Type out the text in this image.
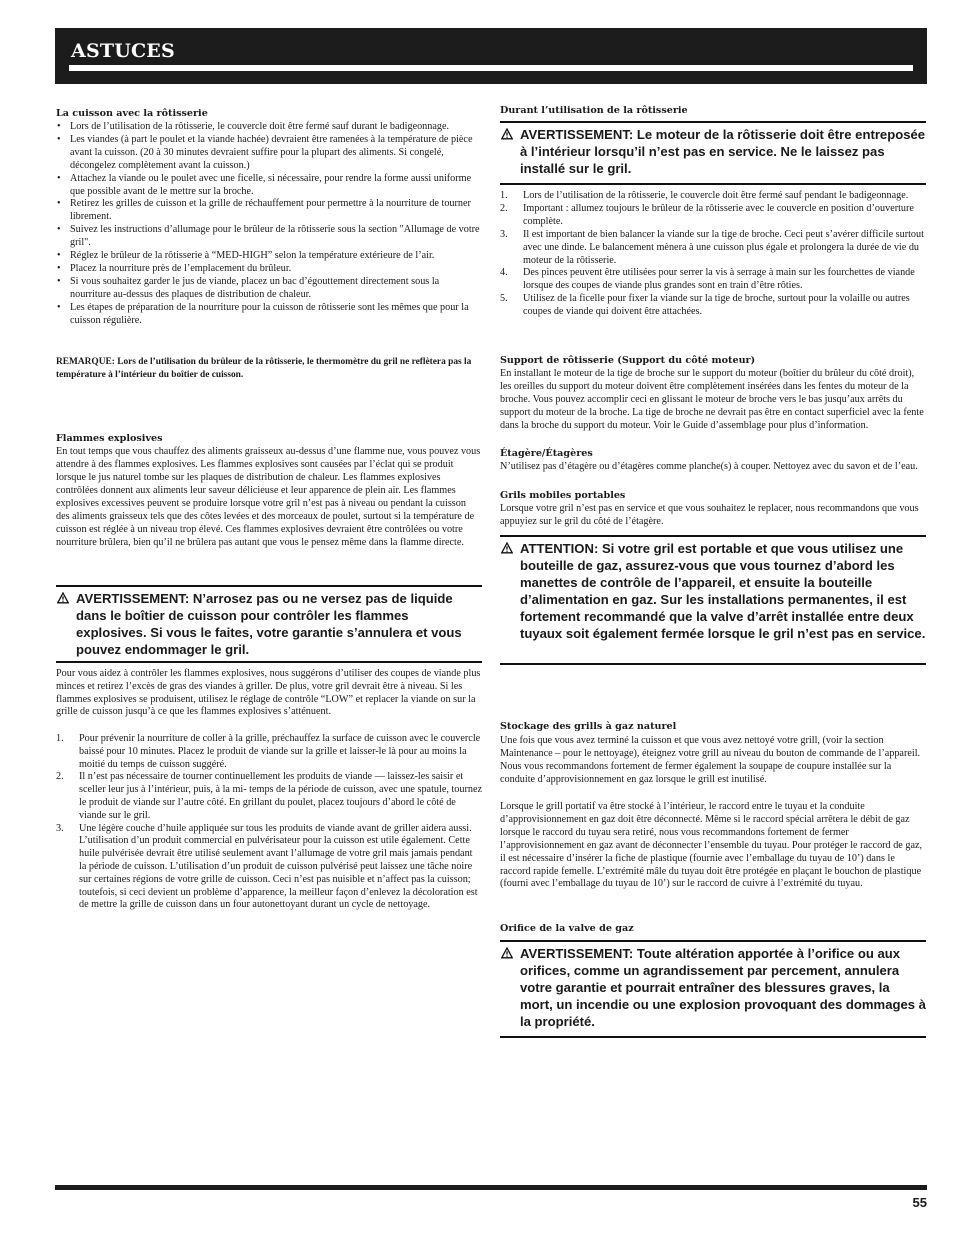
ASTUCES
La cuisson avec la rôtisserie
• Lors de l’utilisation de la rôtisserie, le couvercle doit être fermé sauf durant le badigeonnage.
• Les viandes (à part le poulet et la viande hachée) devraient être ramenées à la température de pièce avant la cuisson. (20 à 30 minutes devraient suffire pour la plupart des aliments. Si congelé, décongelez complètement avant la cuisson.)
• Attachez la viande ou le poulet avec une ficelle, si nécessaire, pour rendre la forme aussi uniforme que possible avant de le mettre sur la broche.
• Retirez les grilles de cuisson et la grille de réchauffement pour permettre à la nourriture de tourner librement.
• Suivez les instructions d’allumage pour le brûleur de la rôtisserie sous la section "Allumage de votre gril".
• Réglez le brûleur de la rôtisserie à “MED-HIGH” selon la température extérieure de l’air.
• Placez la nourriture près de l’emplacement du brûleur.
• Si vous souhaitez garder le jus de viande, placez un bac d’égouttement directement sous la nourriture au-dessus des plaques de distribution de chaleur.
• Les étapes de préparation de la nourriture pour la cuisson de rôtisserie sont les mêmes que pour la cuisson régulière.

REMARQUE: Lors de l’utilisation du brûleur de la rôtisserie, le thermomètre du gril ne reflètera pas la température à l’intérieur du boîtier de cuisson.

Flammes explosives

En tout temps que vous chauffez des aliments graisseux au-dessus d’une flamme nue, vous pouvez vous attendre à des flammes explosives. Les flammes explosives sont causées par l’éclat qui se produit lorsque le jus naturel tombe sur les plaques de distribution de chaleur. Les flammes explosives contrôlées donnent aux aliments leur saveur délicieuse et leur apparence de plein air. Les flammes explosives excessives peuvent se produire lorsque votre gril n’est pas à niveau ou pendant la cuisson des aliments graisseux tels que des côtes levées et des morceaux de poulet, surtout si la température de cuisson est réglée à un niveau trop élevé. Ces flammes explosives devraient être contrôlées ou votre nourriture brûlera, bien qu’il ne brûlera pas autant que vous le pensez même dans la flamme directe.

AVERTISSEMENT: N’arrosez pas ou ne versez pas de liquide dans le boîtier de cuisson pour contrôler les flammes explosives. Si vous le faites, votre garantie s’annulera et vous pouvez endommager le gril.

Pour vous aidez à contrôler les flammes explosives, nous suggérons d’utiliser des coupes de viande plus minces et retirez l’excès de gras des viandes à griller. De plus, votre gril devrait être à niveau. Si les flammes explosives se produisent, utilisez le réglage de contrôle “LOW” et replacer la viande on sur la grille de cuisson jusqu’à ce que les flammes explosives s’atténuent.

1. Pour prévenir la nourriture de coller à la grille, préchauffez la surface de cuisson avec le couvercle baissé pour 10 minutes. Placez le produit de viande sur la grille et laisser-le là pour au moins la moitié du temps de cuisson suggéré.
2. Il n’est pas nécessaire de tourner continuellement les produits de viande — laissez-les saisir et sceller leur jus à l’intérieur, puis, à la mi- temps de la période de cuisson, avec une spatule, tournez le produit de viande sur l’autre côté. En grillant du poulet, placez toujours d’abord le côté de viande sur le gril.
3. Une légère couche d’huile appliquée sur tous les produits de viande avant de griller aidera aussi. L’utilisation d’un produit commercial en pulvérisateur pour la cuisson est utile également. Cette huile pulvérisée devrait être utilisé seulement avant l’allumage de votre gril mais jamais pendant la période de cuisson. L’utilisation d’un produit de cuisson pulvérisé peut laissez une tâche noire sur certaines régions de votre grille de cuisson. Ceci n’est pas nuisible et n’affect pas la cuisson; toutefois, si ceci devient un problème d’apparence, la meilleur façon d’enlevez la décoloration est de mettre la grille de cuisson dans un four autonettoyant durant un cycle de nettoyage.
Durant l’utilisation de la rôtisserie
AVERTISSEMENT: Le moteur de la rôtisserie doit être entreposée à l’intérieur lorsqu’il n’est pas en service. Ne le laissez pas installé sur le gril.
1. Lors de l’utilisation de la rôtisserie, le couvercle doit être fermé sauf pendant le badigeonnage.
2. Important : allumez toujours le brûleur de la rôtisserie avec le couvercle en position d’ouverture complète.
3. Il est important de bien balancer la viande sur la tige de broche. Ceci peut s’avérer difficile surtout avec une dinde. Le balancement mènera à une cuisson plus égale et prolongera la durée de vie du moteur de la rôtisserie.
4. Des pinces peuvent être utilisées pour serrer la vis à serrage à main sur les fourchettes de viande lorsque des coupes de viande plus grandes sont en train d’être rôties.
5. Utilisez de la ficelle pour fixer la viande sur la tige de broche, surtout pour la volaille ou autres coupes de viande qui doivent être attachées.
Support de rôtisserie (Support du côté moteur)

En installant le moteur de la tige de broche sur le support du moteur (boîtier du brûleur du côté droit), les oreilles du support du moteur doivent être complètement insérées dans les fentes du moteur de la broche. Vous pouvez accomplir ceci en glissant le moteur de broche vers le bas jusqu’aux arrêts du support du moteur de la broche. La tige de broche ne devrait pas être en contact superficiel avec la fente dans la broche du support du moteur. Voir le Guide d’assemblage pour plus d’information.

Étagère/Étagères

N’utilisez pas d’étagère ou d’étagères comme planche(s) à couper. Nettoyez avec du savon et de l’eau.

Grils mobiles portables

Lorsque votre gril n’est pas en service et que vous souhaitez le replacer, nous recommandons que vous appuyiez sur le gril du côté de l’étagère.

ATTENTION: Si votre gril est portable et que vous utilisez une bouteille de gaz, assurez-vous que vous tournez d’abord les manettes de contrôle de l’appareil, et ensuite la bouteille d’alimentation en gaz. Sur les installations permanentes, il est fortement recommandé que la valve d’arrêt installée entre deux tuyaux soit également fermée lorsque le gril n’est pas en service.
Stockage des grills à gaz naturel

Une fois que vous avez terminé la cuisson et que vous avez nettoyé votre grill, (voir la section Maintenance – pour le nettoyage), éteignez votre grill au niveau du bouton de commande de l’appareil. Nous vous recommandons fortement de fermer également la soupape de coupure installée sur la conduite d’approvisionnement en gaz lorsque le grill est inutilisé.

Lorsque le grill portatif va être stocké à l’intérieur, le raccord entre le tuyau et la conduite d’approvisionnement en gaz doit être déconnecté. Même si le raccord spécial arrêtera le débit de gaz lorsque le raccord du tuyau sera retiré, nous vous recommandons fortement de fermer l’approvisionnement en gaz avant de déconnecter l’ensemble du tuyau. Pour protéger le raccord de gaz, il est nécessaire d’insérer la fiche de plastique (fournie avec l’emballage du tuyau de 10’) dans le raccord rapide femelle. L’extrémité mâle du tuyau doit être protégée en plaçant le bouchon de plastique (fourni avec l’emballage du tuyau de 10’) sur le raccord de cuivre à l’extrémité du tuyau.

Orifice de la valve de gaz
AVERTISSEMENT: Toute altération apportée à l’orifice ou aux orifices, comme un agrandissement par percement, annulera votre garantie et pourrait entraîner des blessures graves, la mort, un incendie ou une explosion provoquant des dommages à la propriété.
55
